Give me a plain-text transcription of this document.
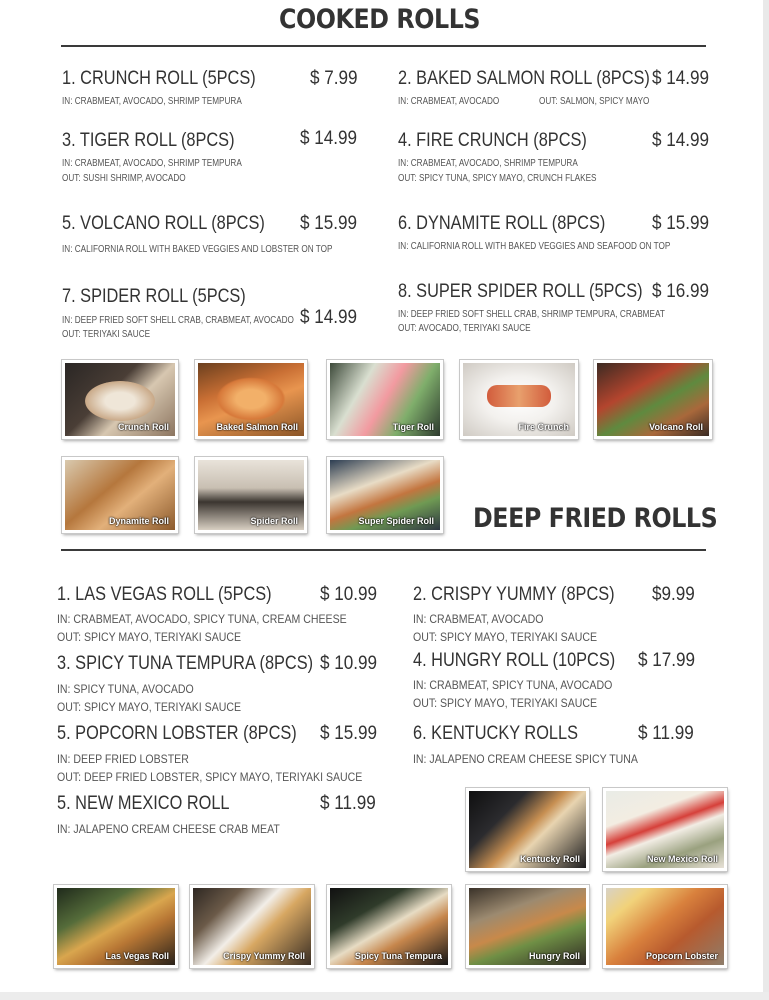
COOKED ROLLS
1. CRUNCH ROLL (5PCS)	$ 7.99
IN: CRABMEAT, AVOCADO, SHRIMP TEMPURA
2. BAKED SALMON ROLL (8PCS) $ 14.99
IN: CRABMEAT, AVOCADO	OUT: SALMON, SPICY MAYO
3. TIGER ROLL (8PCS)	$ 14.99
IN: CRABMEAT, AVOCADO, SHRIMP TEMPURA
OUT: SUSHI SHRIMP, AVOCADO
4. FIRE CRUNCH (8PCS)	$ 14.99
IN: CRABMEAT, AVOCADO, SHRIMP TEMPURA
OUT: SPICY TUNA, SPICY MAYO, CRUNCH FLAKES
5. VOLCANO ROLL (8PCS) $ 15.99
IN: CALIFORNIA ROLL WITH BAKED VEGGIES AND LOBSTER ON TOP
6. DYNAMITE ROLL (8PCS) $ 15.99
IN: CALIFORNIA ROLL WITH BAKED VEGGIES AND SEAFOOD ON TOP
7. SPIDER ROLL (5PCS)
$ 14.99
IN: DEEP FRIED SOFT SHELL CRAB, CRABMEAT, AVOCADO
OUT: TERIYAKI SAUCE
8. SUPER SPIDER ROLL (5PCS) $ 16.99
IN: DEEP FRIED SOFT SHELL CRAB, SHRIMP TEMPURA, CRABMEAT
OUT: AVOCADO, TERIYAKI SAUCE
Crunch Roll	Baked Salmon Roll	Tiger Roll	Fire Crunch	Volcano Roll
Dynamite Roll	Spider Roll	Super Spider Roll DEEP FRIED ROLLS
1. LAS VEGAS ROLL (5PCS)	$ 10.99
IN: CRABMEAT, AVOCADO, SPICY TUNA, CREAM CHEESE
OUT: SPICY MAYO, TERIYAKI SAUCE
2. CRISPY YUMMY (8PCS) $9.99
IN: CRABMEAT, AVOCADO
OUT: SPICY MAYO, TERIYAKI SAUCE
3. SPICY TUNA TEMPURA (8PCS) $ 10.99
IN: SPICY TUNA, AVOCADO
OUT: SPICY MAYO, TERIYAKI SAUCE
4. HUNGRY ROLL (10PCS) $ 17.99
IN: CRABMEAT, SPICY TUNA, AVOCADO
OUT: SPICY MAYO, TERIYAKI SAUCE
5. POPCORN LOBSTER (8PCS) $ 15.99
IN: DEEP FRIED LOBSTER
OUT: DEEP FRIED LOBSTER, SPICY MAYO, TERIYAKI SAUCE
6. KENTUCKY ROLLS	$ 11.99
IN: JALAPENO CREAM CHEESE SPICY TUNA
5. NEW MEXICO ROLL	$ 11.99
IN: JALAPENO CREAM CHEESE CRAB MEAT
Kentucky Roll	New Mexico Roll
Las Vegas Roll	Crispy Yummy Roll	Spicy Tuna Tempura	Hungry Roll	Popcorn Lobster
